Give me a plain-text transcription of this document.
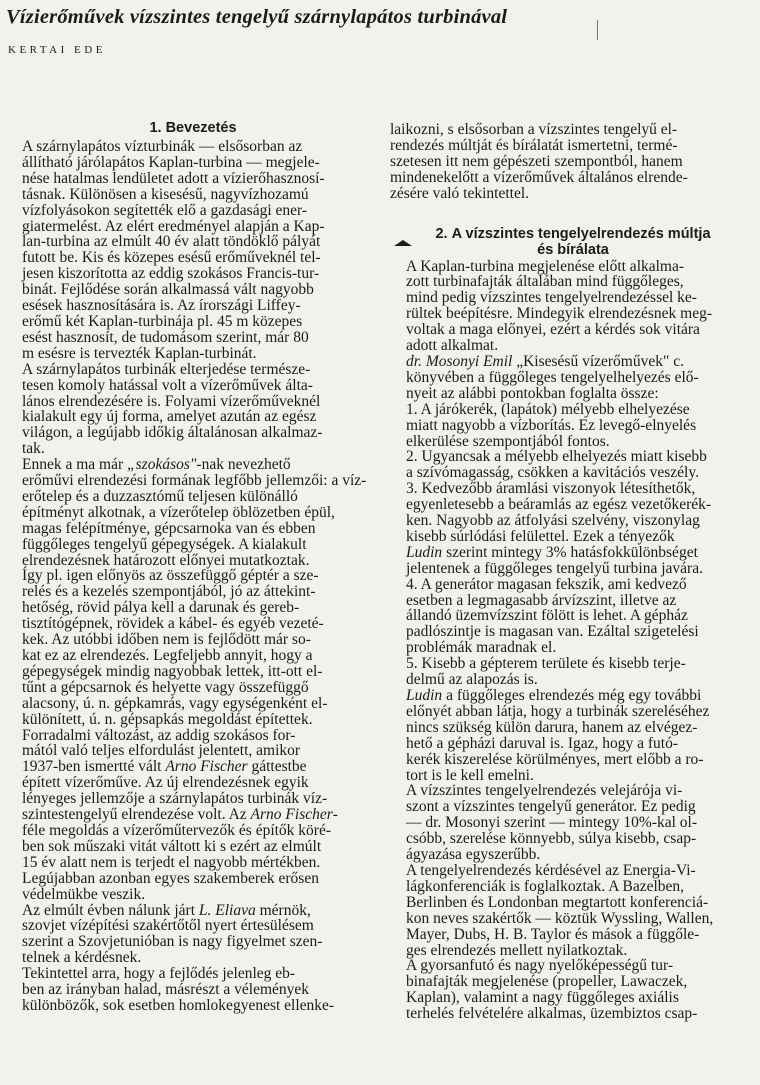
Vízierőművek vízszintes tengelyű szárnylapátos turbinával
KERTAI EDE
1. Bevezetés

A szárnylapátos vízturbinák — elsősorban az
állítható járólapátos Kaplan-turbina — megjele-
nése hatalmas lendületet adott a vízierőhasznosí-
tásnak. Különösen a kisesésű, nagyvízhozamú
vízfolyásokon segítették elő a gazdasági ener-
giatermelést. Az elért eredményel alapján a Kap-
lan-turbina az elmúlt 40 év alatt töndöklő pályát
futott be. Kis és közepes esésű erőműveknél tel-
jesen kiszorította az eddig szokásos Francis-tur-
binát. Fejlődése során alkalmassá vált nagyobb
esések hasznosítására is. Az írországi Liffey-
erőmű két Kaplan-turbinája pl. 45 m közepes
esést hasznosít, de tudomásom szerint, már 80
m esésre is tervezték Kaplan-turbinát.

A szárnylapátos turbinák elterjedése természe-
tesen komoly hatással volt a vízerőművek álta-
lános elrendezésére is. Folyami vízerőműveknél
kialakult egy új forma, amelyet azután az egész
világon, a legújabb időkig általánosan alkalmaz-
tak.

Ennek a ma már „szokásos"-nak nevezhető
erőművi elrendezési formának legfőbb jellemzői: a víz-
erőtelep és a duzzasztómű teljesen különálló
építményt alkotnak, a vízerőtelep öblözetben épül,
magas felépítménye, gépcsarnoka van és ebben
függőleges tengelyű gépegységek. A kialakult
elrendezésnek határozott előnyei mutatkoztak.
Így pl. igen előnyös az összefüggő géptér a sze-
relés és a kezelés szempontjából, jó az áttekint-
hetőség, rövid pálya kell a darunak és gereb-
tisztítógépnek, rövidek a kábel- és egyéb vezeté-
kek. Az utóbbi időben nem is fejlődött már so-
kat ez az elrendezés. Legfeljebb annyit, hogy a
gépegységek mindig nagyobbak lettek, itt-ott el-
tűnt a gépcsarnok és helyette vagy összefüggő
alacsony, ú. n. gépkamrás, vagy egységenként el-
különített, ú. n. gépsapkás megoldást építettek.

Forradalmi változást, az addig szokásos for-
mától való teljes elfordulást jelentett, amikor
1937-ben ismertté vált Arno Fischer gáttestbe
épített vízerőműve. Az új elrendezésnek egyik
lényeges jellemzője a szárnylapátos turbinák víz-
szintestengelyű elrendezése volt. Az Arno Fischer-
féle megoldás a vízerőműtervezők és építők köré-
ben sok műszaki vitát váltott ki s ezért az elmúlt
15 év alatt nem is terjedt el nagyobb mértékben.
Legújabban azonban egyes szakemberek erősen
védelmükbe veszik.

Az elmúlt évben nálunk járt L. Eliava mérnök,
szovjet vízépítési szakértőtől nyert értesülésem
szerint a Szovjetunióban is nagy figyelmet szen-
telnek a kérdésnek.

Tekintettel arra, hogy a fejlődés jelenleg eb-
ben az irányban halad, másrészt a vélemények
különbözők, sok esetben homlokegyenest ellenke-

laikozni, s elsősorban a vízszintes tengelyű el-
rendezés múltját és bírálatát ismertetni, termé-
szetesen itt nem gépészeti szempontból, hanem
mindenekelőtt a vízerőművek általános elrende-
zésére való tekintettel.

2. A vízszintes tengelyelrendezés múltja
és bírálata

A Kaplan-turbina megjelenése előtt alkalma-
zott turbinafajták általában mind függőleges,
mind pedig vízszintes tengelyelrendezéssel ke-
rültek beépítésre. Mindegyik elrendezésnek meg-
voltak a maga előnyei, ezért a kérdés sok vitára
adott alkalmat.

dr. Mosonyi Emil „Kisesésű vízerőművek" c.
könyvében a függőleges tengelyelhelyezés elő-
nyeit az alábbi pontokban foglalta össze:

1. A járókerék, (lapátok) mélyebb elhelyezése
miatt nagyobb a vízborítás. Ez levegő-elnyelés
elkerülése szempontjából fontos.

2. Ugyancsak a mélyebb elhelyezés miatt kisebb
a szívómagasság, csökken a kavitációs veszély.

3. Kedvezőbb áramlási viszonyok létesíthetők,
egyenletesebb a beáramlás az egész vezetőkerék-
ken. Nagyobb az átfolyási szelvény, viszonylag
kisebb súrlódási felülettel. Ezek a tényezők
Ludin szerint mintegy 3% hatásfokkülönbséget
jelentenek a függőleges tengelyű turbina javára.

4. A generátor magasan fekszik, ami kedvező
esetben a legmagasabb árvízszint, illetve az
állandó üzemvízszint fölött is lehet. A gépház
padlószintje is magasan van. Ezáltal szigetelési
problémák maradnak el.

5. Kisebb a gépterem területe és kisebb terje-
delmű az alapozás is.

Ludin a függőleges elrendezés még egy további
előnyét abban látja, hogy a turbinák szereléséhez
nincs szükség külön darura, hanem az elvégez-
hető a gépházi daruval is. Igaz, hogy a futó-
kerék kiszerelése körülményes, mert előbb a ro-
tort is le kell emelni.

A vízszintes tengelyelrendezés velejárója vi-
szont a vízszintes tengelyű generátor. Ez pedig
— dr. Mosonyi szerint — mintegy 10%-kal ol-
csóbb, szerelése könnyebb, súlya kisebb, csap-
ágyazása egyszerűbb.

A tengelyelrendezés kérdésével az Energia-Vi-
lágkonferenciák is foglalkoztak. A Bazelben,
Berlinben és Londonban megtartott konferenciá-
kon neves szakértők — köztük Wyssling, Wallen,
Mayer, Dubs, H. B. Taylor és mások a függőle-
ges elrendezés mellett nyilatkoztak.

A gyorsanfutó és nagy nyelőképességű tur-
binafajták megjelenése (propeller, Lawaczek,
Kaplan), valamint a nagy függőleges axiális
terhelés felvételére alkalmas, üzembiztos csap-
